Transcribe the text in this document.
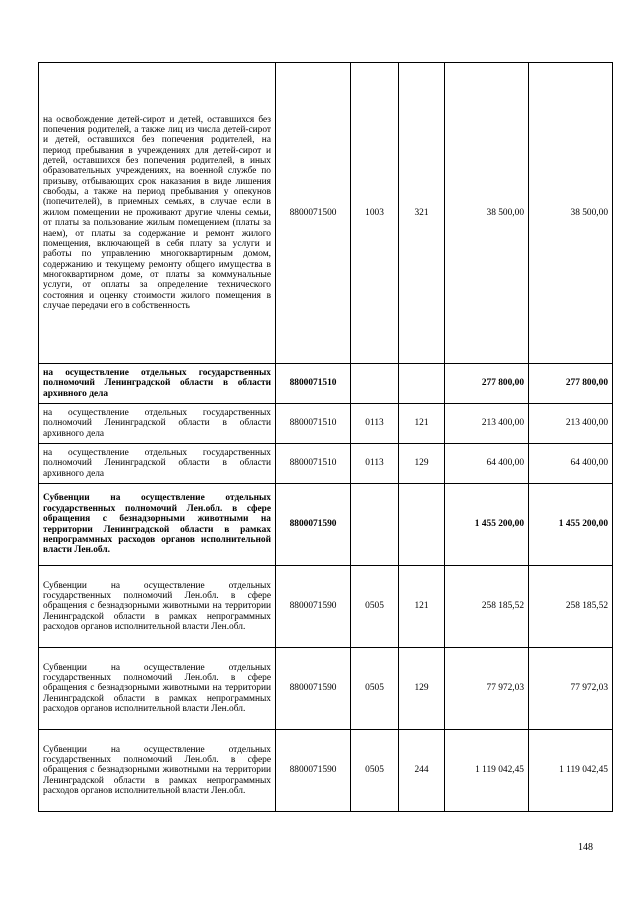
на освобождение детей-сирот и детей, оставшихся без попечения родителей, а также лиц из числа детей-сирот и детей, оставшихся без попечения родителей, на период пребывания в учреждениях для детей-сирот и детей, оставшихся без попечения родителей, в иных образовательных учреждениях, на военной службе по призыву, отбывающих срок наказания в виде лишения свободы, а также на период пребывания у опекунов (попечителей), в приемных семьях, в случае если в жилом помещении не проживают другие члены семьи, от платы за пользование жилым помещением (платы за наем), от платы за содержание и ремонт жилого помещения, включающей в себя плату за услуги и работы по управлению многоквартирным домом, содержанию и текущему ремонту общего имущества в многоквартирном доме, от платы за коммунальные услуги, от оплаты за определение технического состояния и оценку стоимости жилого помещения в случае передачи его в собственность	8800071500	1003	321	38 500,00	38 500,00
на осуществление отдельных государственных полномочий Ленинградской области в области архивного дела	8800071510			277 800,00	277 800,00
на осуществление отдельных государственных полномочий Ленинградской области в области архивного дела	8800071510	0113	121	213 400,00	213 400,00
на осуществление отдельных государственных полномочий Ленинградской области в области архивного дела	8800071510	0113	129	64 400,00	64 400,00
Субвенции на осуществление отдельных государственных полномочий Лен.обл. в сфере обращения с безнадзорными животными на территории Ленинградской области в рамках непрограммных расходов органов исполнительной власти Лен.обл.	8800071590			1 455 200,00	1 455 200,00
Субвенции на осуществление отдельных государственных полномочий Лен.обл. в сфере обращения с безнадзорными животными на территории Ленинградской области в рамках непрограммных расходов органов исполнительной власти Лен.обл.	8800071590	0505	121	258 185,52	258 185,52
Субвенции на осуществление отдельных государственных полномочий Лен.обл. в сфере обращения с безнадзорными животными на территории Ленинградской области в рамках непрограммных расходов органов исполнительной власти Лен.обл.	8800071590	0505	129	77 972,03	77 972,03
Субвенции на осуществление отдельных государственных полномочий Лен.обл. в сфере обращения с безнадзорными животными на территории Ленинградской области в рамках непрограммных расходов органов исполнительной власти Лен.обл.	8800071590	0505	244	1 119 042,45	1 119 042,45
148
